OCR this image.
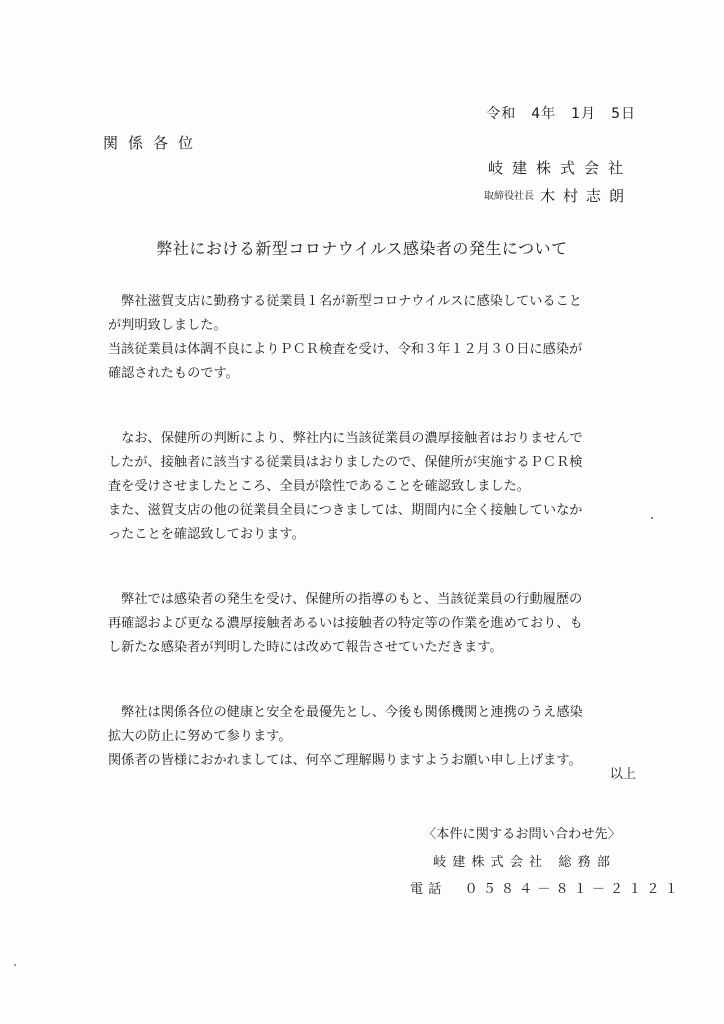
令和　4年　1月　5日
関係各位
岐建株式会社
取締役社長 木村志朗
弊社における新型コロナウイルス感染者の発生について

　弊社滋賀支店に勤務する従業員１名が新型コロナウイルスに感染していること

が判明致しました。

当該従業員は体調不良によりＰＣＲ検査を受け、令和３年１２月３０日に感染が

確認されたものです。

　なお、保健所の判断により、弊社内に当該従業員の濃厚接触者はおりませんで

したが、接触者に該当する従業員はおりましたので、保健所が実施するＰＣＲ検

査を受けさせましたところ、全員が陰性であることを確認致しました。

また、滋賀支店の他の従業員全員につきましては、期間内に全く接触していなか

ったことを確認致しております。

　弊社では感染者の発生を受け、保健所の指導のもと、当該従業員の行動履歴の

再確認および更なる濃厚接触者あるいは接触者の特定等の作業を進めており、も

し新たな感染者が判明した時には改めて報告させていただきます。

　弊社は関係各位の健康と安全を最優先とし、今後も関係機関と連携のうえ感染

拡大の防止に努めて参ります。

関係者の皆様におかれましては、何卒ご理解賜りますようお願い申し上げます。

以上
〈本件に関するお問い合わせ先〉
岐建株式会社 総務部
電話　０５８４－８１－２１２１
